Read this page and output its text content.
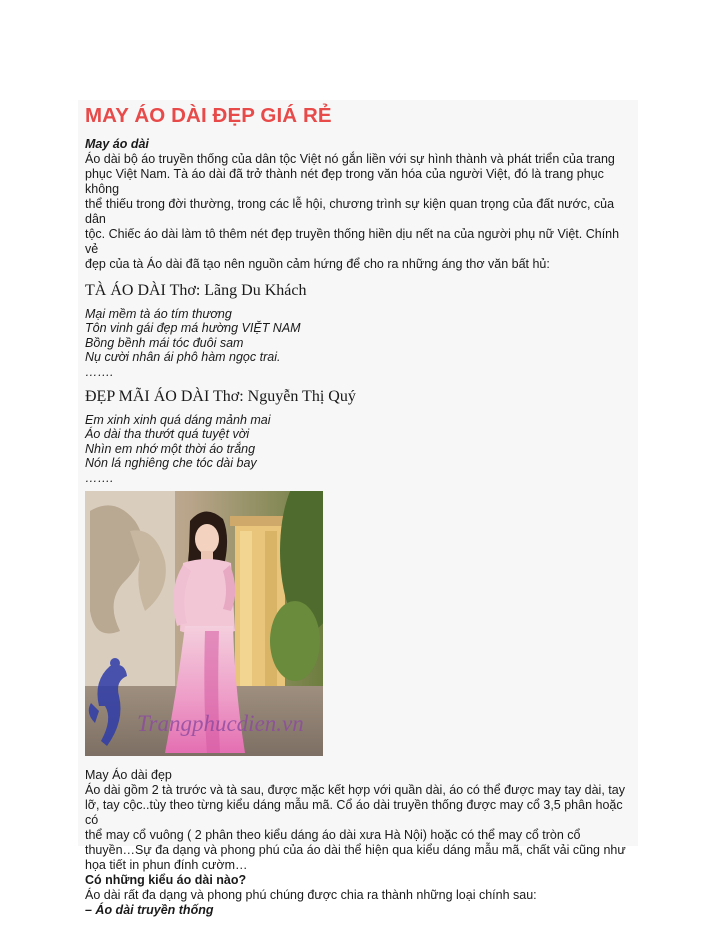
MAY ÁO DÀI ĐẸP GIÁ RẺ
May áo dài

Áo dài bộ áo truyền thống của dân tộc Việt nó gắn liền với sự hình thành và phát triển của trang
phục Việt Nam. Tà áo dài đã trở thành nét đẹp trong văn hóa của người Việt, đó là trang phục không
thể thiếu trong đời thường, trong các lễ hội, chương trình sự kiện quan trọng của đất nước, của dân
tộc. Chiếc áo dài làm tô thêm nét đẹp truyền thống hiền dịu nết na của người phụ nữ Việt. Chính vẻ
đẹp của tà Áo dài đã tạo nên nguồn cảm hứng để cho ra những áng thơ văn bất hủ:

TÀ ÁO DÀI Thơ: Lãng Du Khách
Mại mềm tà áo tím thương
Tôn vinh gái đẹp má hường VIỆT NAM
Bồng bềnh mái tóc đuôi sam
Nụ cười nhân ái phô hàm ngọc trai.
…….
ĐẸP MÃI ÁO DÀI Thơ: Nguyễn Thị Quý
Em xinh xinh quá dáng mảnh mai
Áo dài tha thướt quá tuyệt vời
Nhìn em nhớ một thời áo trắng
Nón lá nghiêng che tóc dài bay
…….
Trangphucdien.vn

May Áo dài đẹp
Áo dài gồm 2 tà trước và tà sau, được mặc kết hợp với quần dài, áo có thể được may tay dài, tay
lỡ, tay cộc..tùy theo từng kiểu dáng mẫu mã. Cổ áo dài truyền thống được may cổ 3,5 phân hoặc có
thể may cổ vuông ( 2 phân theo kiểu dáng áo dài xưa Hà Nội) hoặc có thể may cổ tròn cổ
thuyền…Sự đa dạng và phong phú của áo dài thể hiện qua kiểu dáng mẫu mã, chất vải cũng như
họa tiết in phun đính cườm…

Có những kiểu áo dài nào?

Áo dài rất đa dạng và phong phú chúng được chia ra thành những loại chính sau:

– Áo dài truyền thống
